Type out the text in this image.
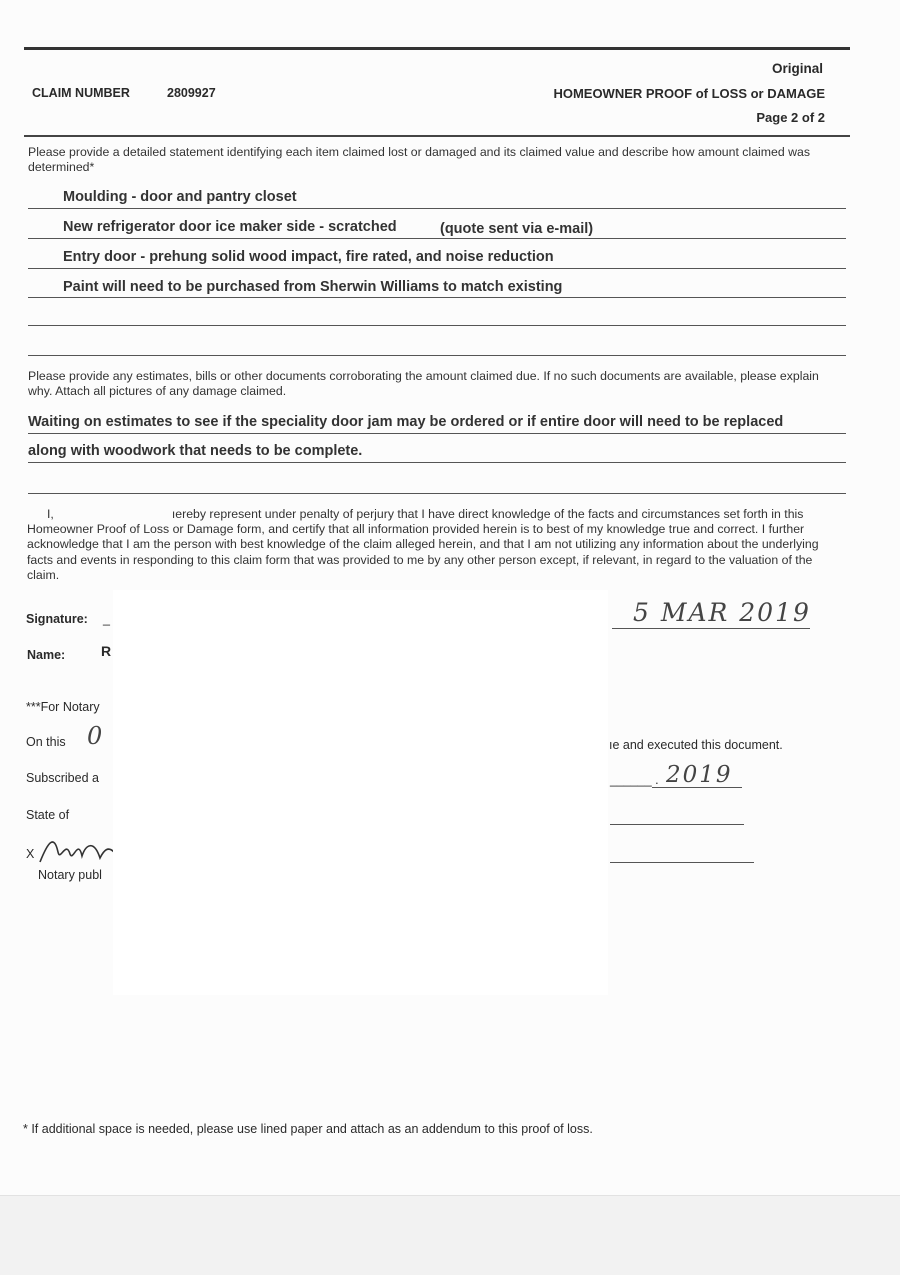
Original
CLAIM NUMBER	2809927	HOMEOWNER PROOF of LOSS or DAMAGE
Page 2 of 2
Please provide a detailed statement identifying each item claimed lost or damaged and its claimed value and describe how amount claimed was determined*
Moulding - door and pantry closet
New refrigerator door ice maker side - scratched	(quote sent via e-mail)
Entry door - prehung solid wood impact, fire rated, and noise reduction
Paint will need to be purchased from Sherwin Williams to match existing
Please provide any estimates, bills or other documents corroborating the amount claimed due. If no such documents are available, please explain why. Attach all pictures of any damage claimed.
Waiting on estimates to see if the speciality door jam may be ordered or if entire door will need to be replaced
along with woodwork that needs to be complete.
I,	ıereby represent under penalty of perjury that I have direct knowledge of the facts and circumstances set forth in this Homeowner Proof of Loss or Damage form, and certify that all information provided herein is to best of my knowledge true and correct. I further acknowledge that I am the person with best knowledge of the claim alleged herein, and that I am not utilizing any information about the underlying facts and events in responding to this claim form that was provided to me by any other person except, if relevant, in regard to the valuation of the claim.
Signature: _	5 MAR 2019
Name:	R
***For Notary
On this 0	ıe and executed this document.
Subscribed a	______ . 2019
State of
X
Notary publ
* If additional space is needed, please use lined paper and attach as an addendum to this proof of loss.
